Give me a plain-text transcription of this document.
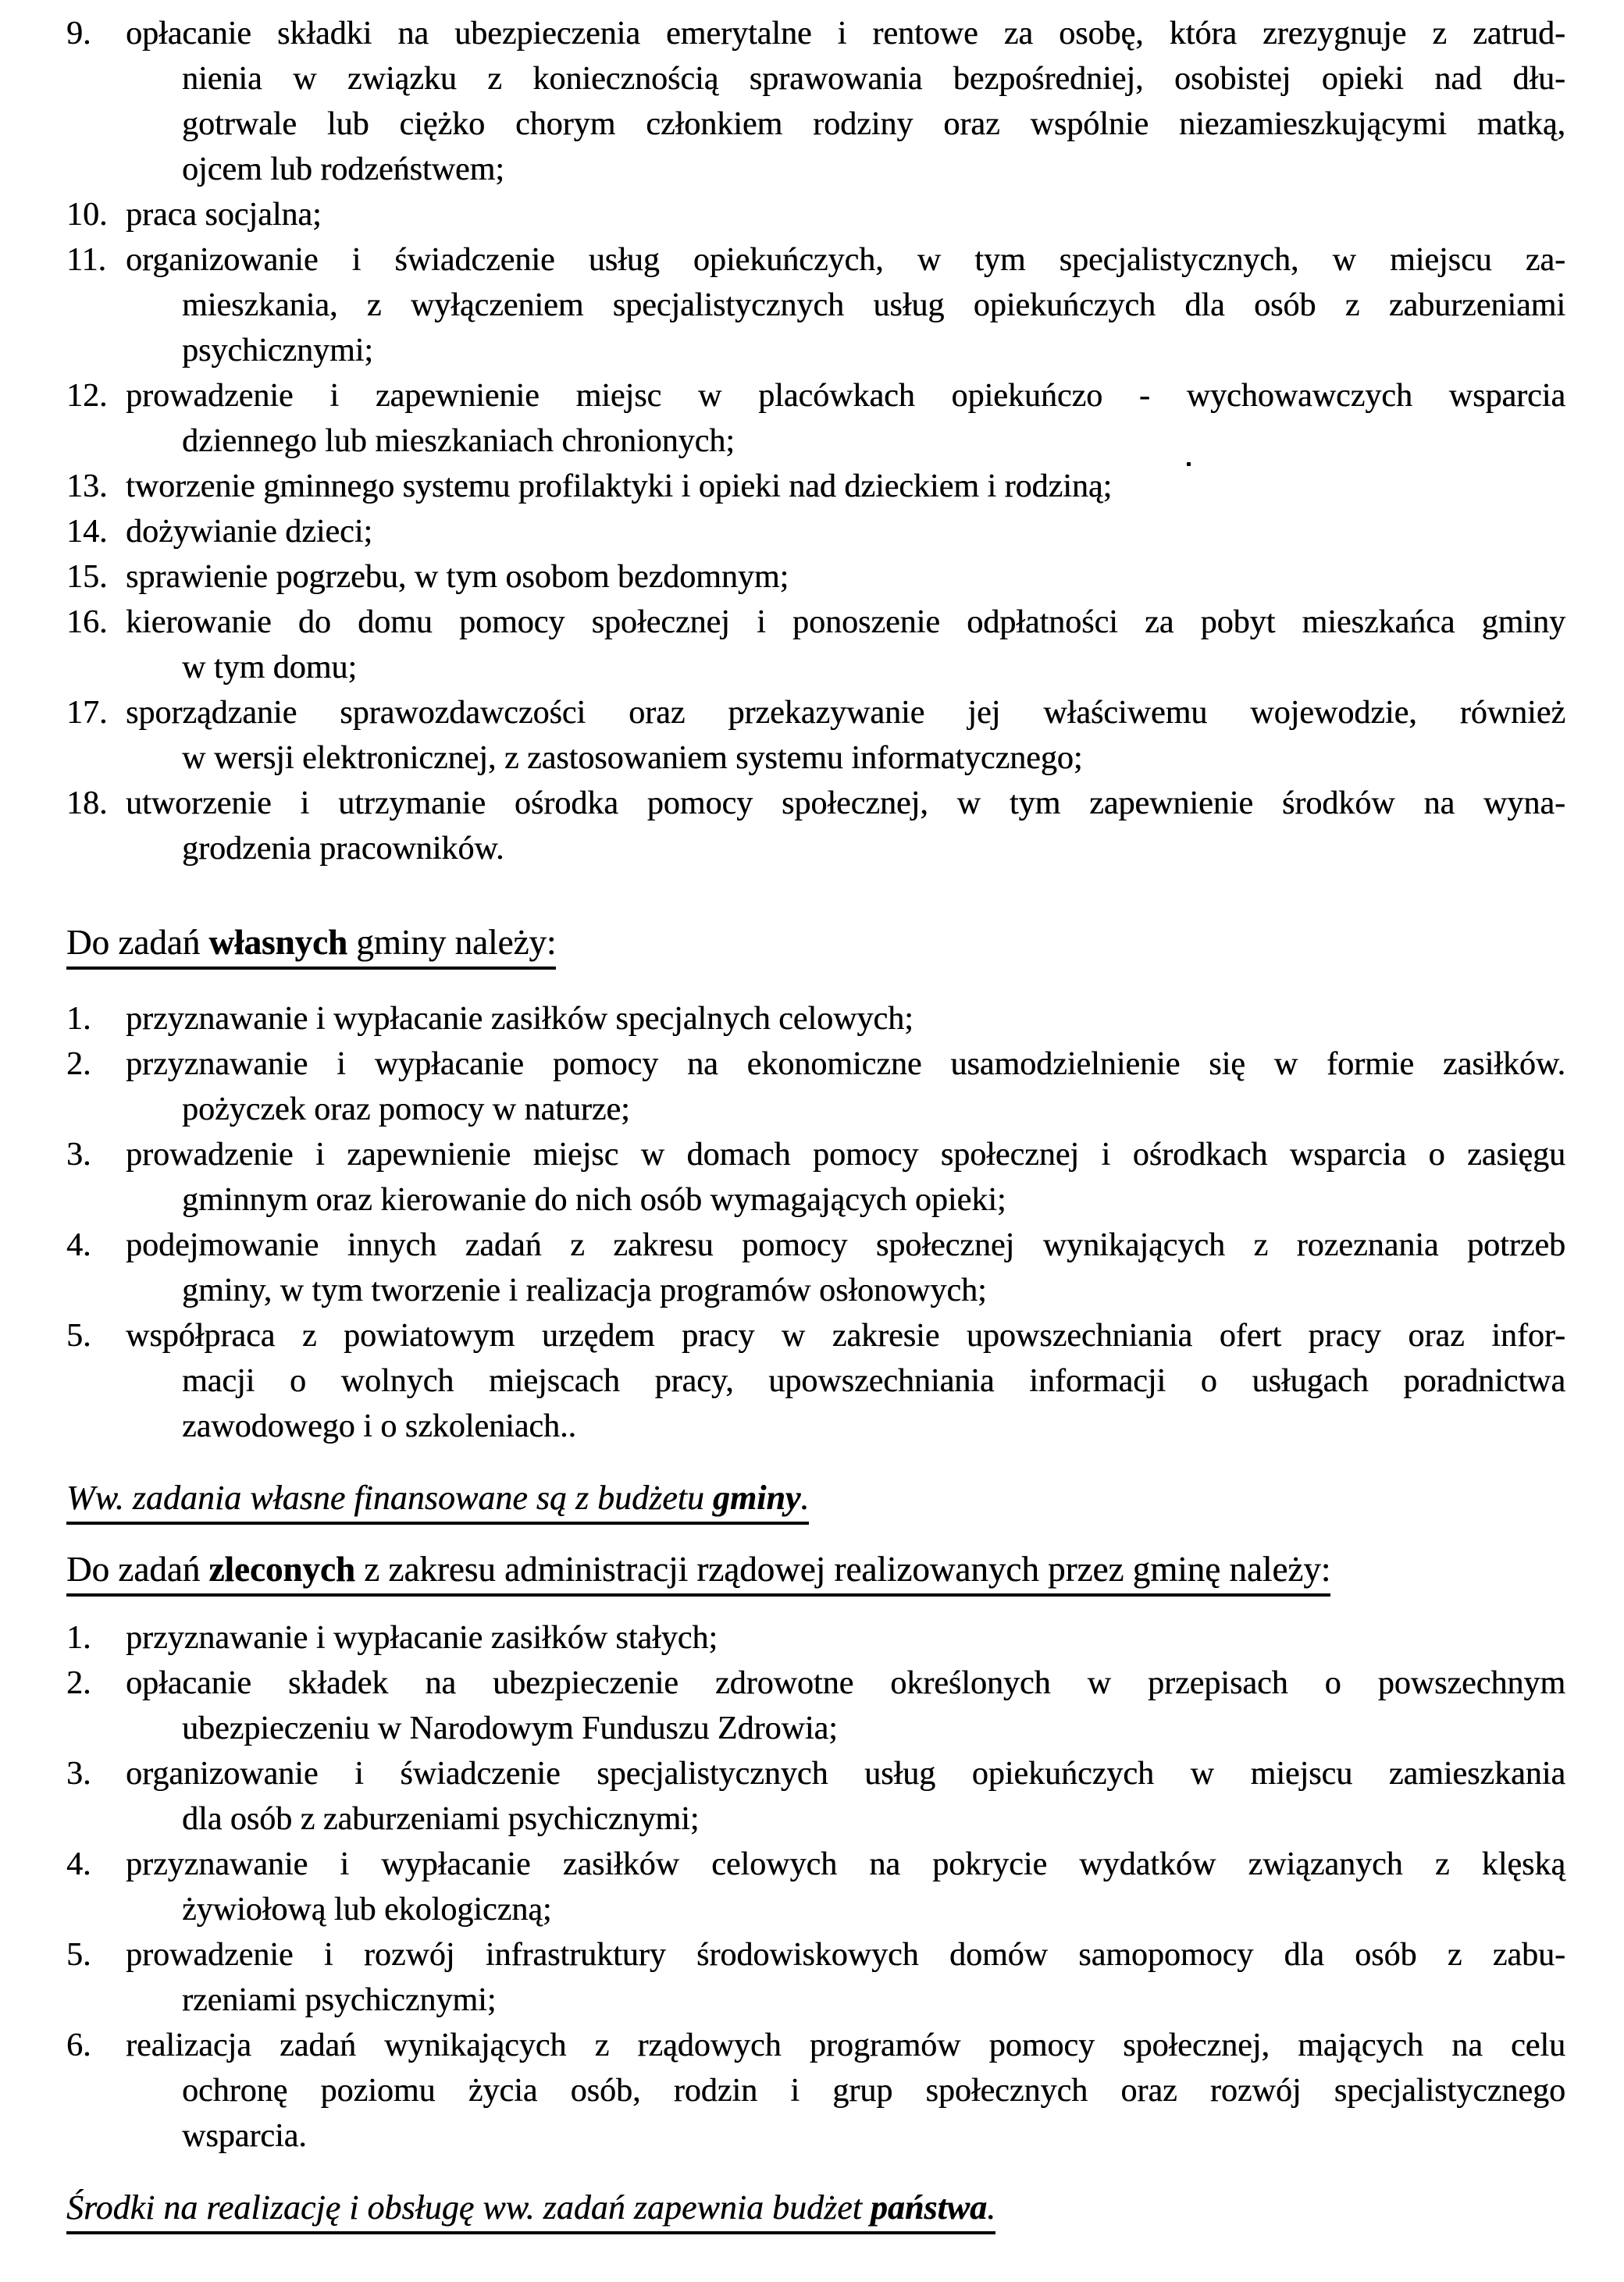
9.	opłacanie składki na ubezpieczenia emerytalne i rentowe za osobę, która zrezygnuje z zatrud-
nienia w związku z koniecznością sprawowania bezpośredniej, osobistej opieki nad dłu-
gotrwale lub ciężko chorym członkiem rodziny oraz wspólnie niezamieszkującymi matką,
ojcem lub rodzeństwem;
10. praca socjalna;
11. organizowanie i świadczenie usług opiekuńczych, w tym specjalistycznych, w miejscu za-
mieszkania, z wyłączeniem specjalistycznych usług opiekuńczych dla osób z zaburzeniami
psychicznymi;
12. prowadzenie i zapewnienie miejsc w placówkach opiekuńczo - wychowawczych wsparcia
dziennego lub mieszkaniach chronionych;
13. tworzenie gminnego systemu profilaktyki i opieki nad dzieckiem i rodziną;
14. dożywianie dzieci;
15. sprawienie pogrzebu, w tym osobom bezdomnym;
16. kierowanie do domu pomocy społecznej i ponoszenie odpłatności za pobyt mieszkańca gminy
w tym domu;
17. sporządzanie sprawozdawczości oraz przekazywanie jej właściwemu wojewodzie, również
w wersji elektronicznej, z zastosowaniem systemu informatycznego;
18. utworzenie i utrzymanie ośrodka pomocy społecznej, w tym zapewnienie środków na wyna-
grodzenia pracowników.
Do zadań własnych gminy należy:
1.	przyznawanie i wypłacanie zasiłków specjalnych celowych;
2.	przyznawanie i wypłacanie pomocy na ekonomiczne usamodzielnienie się w formie zasiłków.
pożyczek oraz pomocy w naturze;
3.	prowadzenie i zapewnienie miejsc w domach pomocy społecznej i ośrodkach wsparcia o zasięgu
gminnym oraz kierowanie do nich osób wymagających opieki;
4.	podejmowanie innych zadań z zakresu pomocy społecznej wynikających z rozeznania potrzeb
gminy, w tym tworzenie i realizacja programów osłonowych;
5.	współpraca z powiatowym urzędem pracy w zakresie upowszechniania ofert pracy oraz infor-
macji o wolnych miejscach pracy, upowszechniania informacji o usługach poradnictwa
zawodowego i o szkoleniach..
Ww. zadania własne finansowane są z budżetu gminy.
Do zadań zleconych z zakresu administracji rządowej realizowanych przez gminę należy:
1.	przyznawanie i wypłacanie zasiłków stałych;
2.	opłacanie składek na ubezpieczenie zdrowotne określonych w przepisach o powszechnym
ubezpieczeniu w Narodowym Funduszu Zdrowia;
3.	organizowanie i świadczenie specjalistycznych usług opiekuńczych w miejscu zamieszkania
dla osób z zaburzeniami psychicznymi;
4.	przyznawanie i wypłacanie zasiłków celowych na pokrycie wydatków związanych z klęską
żywiołową lub ekologiczną;
5.	prowadzenie i rozwój infrastruktury środowiskowych domów samopomocy dla osób z zabu-
rzeniami psychicznymi;
6.	realizacja zadań wynikających z rządowych programów pomocy społecznej, mających na celu
ochronę poziomu życia osób, rodzin i grup społecznych oraz rozwój specjalistycznego
wsparcia.
Środki na realizację i obsługę ww. zadań zapewnia budżet państwa.
